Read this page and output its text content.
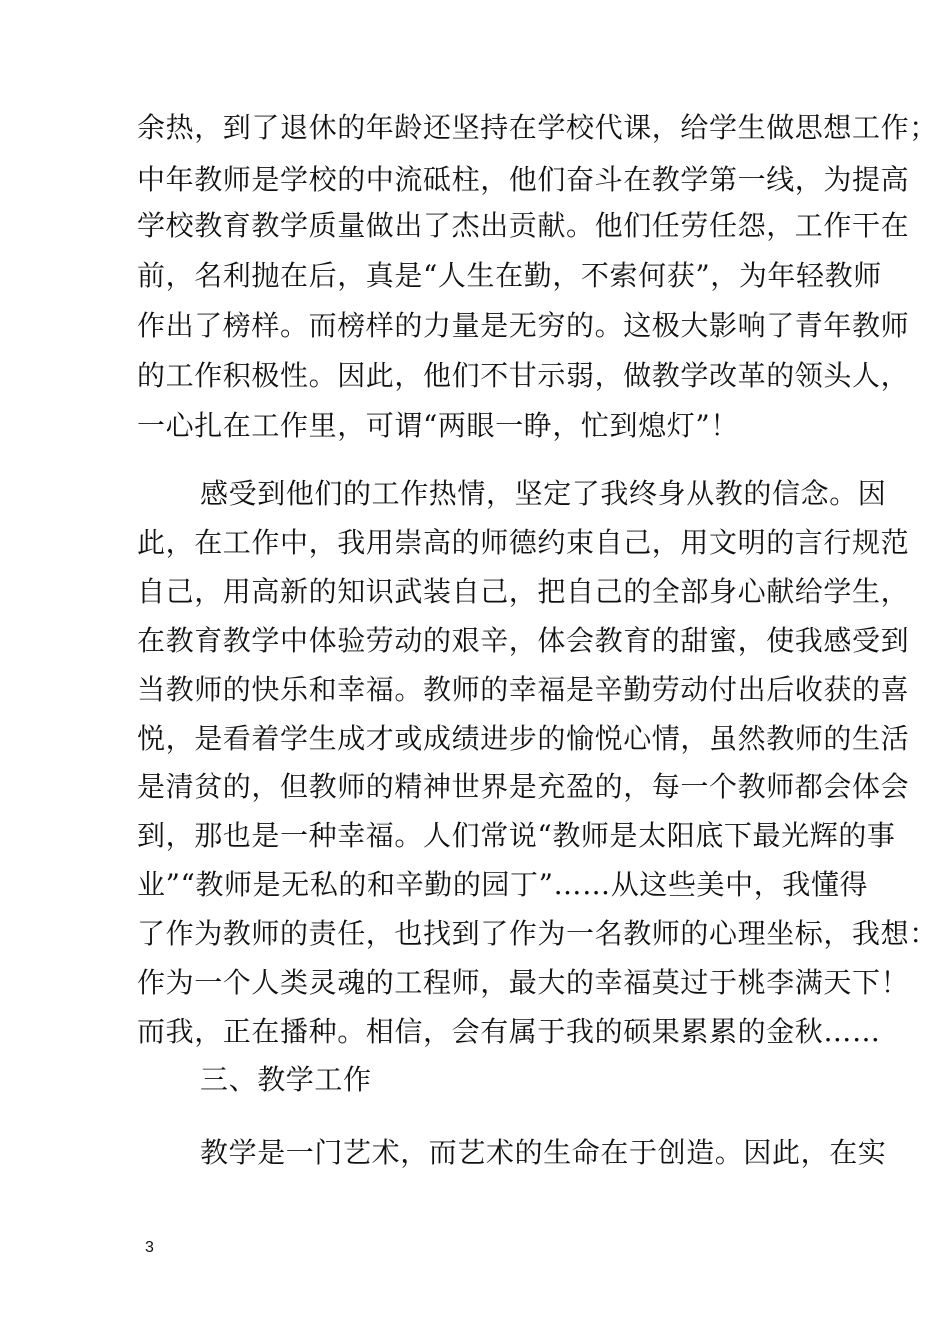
余热，到了退休的年龄还坚持在学校代课，给学生做思想工作；
中年教师是学校的中流砥柱，他们奋斗在教学第一线，为提高
学校教育教学质量做出了杰出贡献。他们任劳任怨，工作干在
前，名利抛在后，真是“人生在勤，不索何获”，为年轻教师
作出了榜样。而榜样的力量是无穷的。这极大影响了青年教师
的工作积极性。因此，他们不甘示弱，做教学改革的领头人，
一心扎在工作里，可谓“两眼一睁，忙到熄灯”！
感受到他们的工作热情，坚定了我终身从教的信念。因
此，在工作中，我用崇高的师德约束自己，用文明的言行规范
自己，用高新的知识武装自己，把自己的全部身心献给学生，
在教育教学中体验劳动的艰辛，体会教育的甜蜜，使我感受到
当教师的快乐和幸福。教师的幸福是辛勤劳动付出后收获的喜
悦，是看着学生成才或成绩进步的愉悦心情，虽然教师的生活
是清贫的，但教师的精神世界是充盈的，每一个教师都会体会
到，那也是一种幸福。人们常说“教师是太阳底下最光辉的事
业”“教师是无私的和辛勤的园丁”……从这些美中，我懂得
了作为教师的责任，也找到了作为一名教师的心理坐标，我想：
作为一个人类灵魂的工程师，最大的幸福莫过于桃李满天下！
而我，正在播种。相信，会有属于我的硕果累累的金秋……
三、教学工作
教学是一门艺术，而艺术的生命在于创造。因此，在实
3
